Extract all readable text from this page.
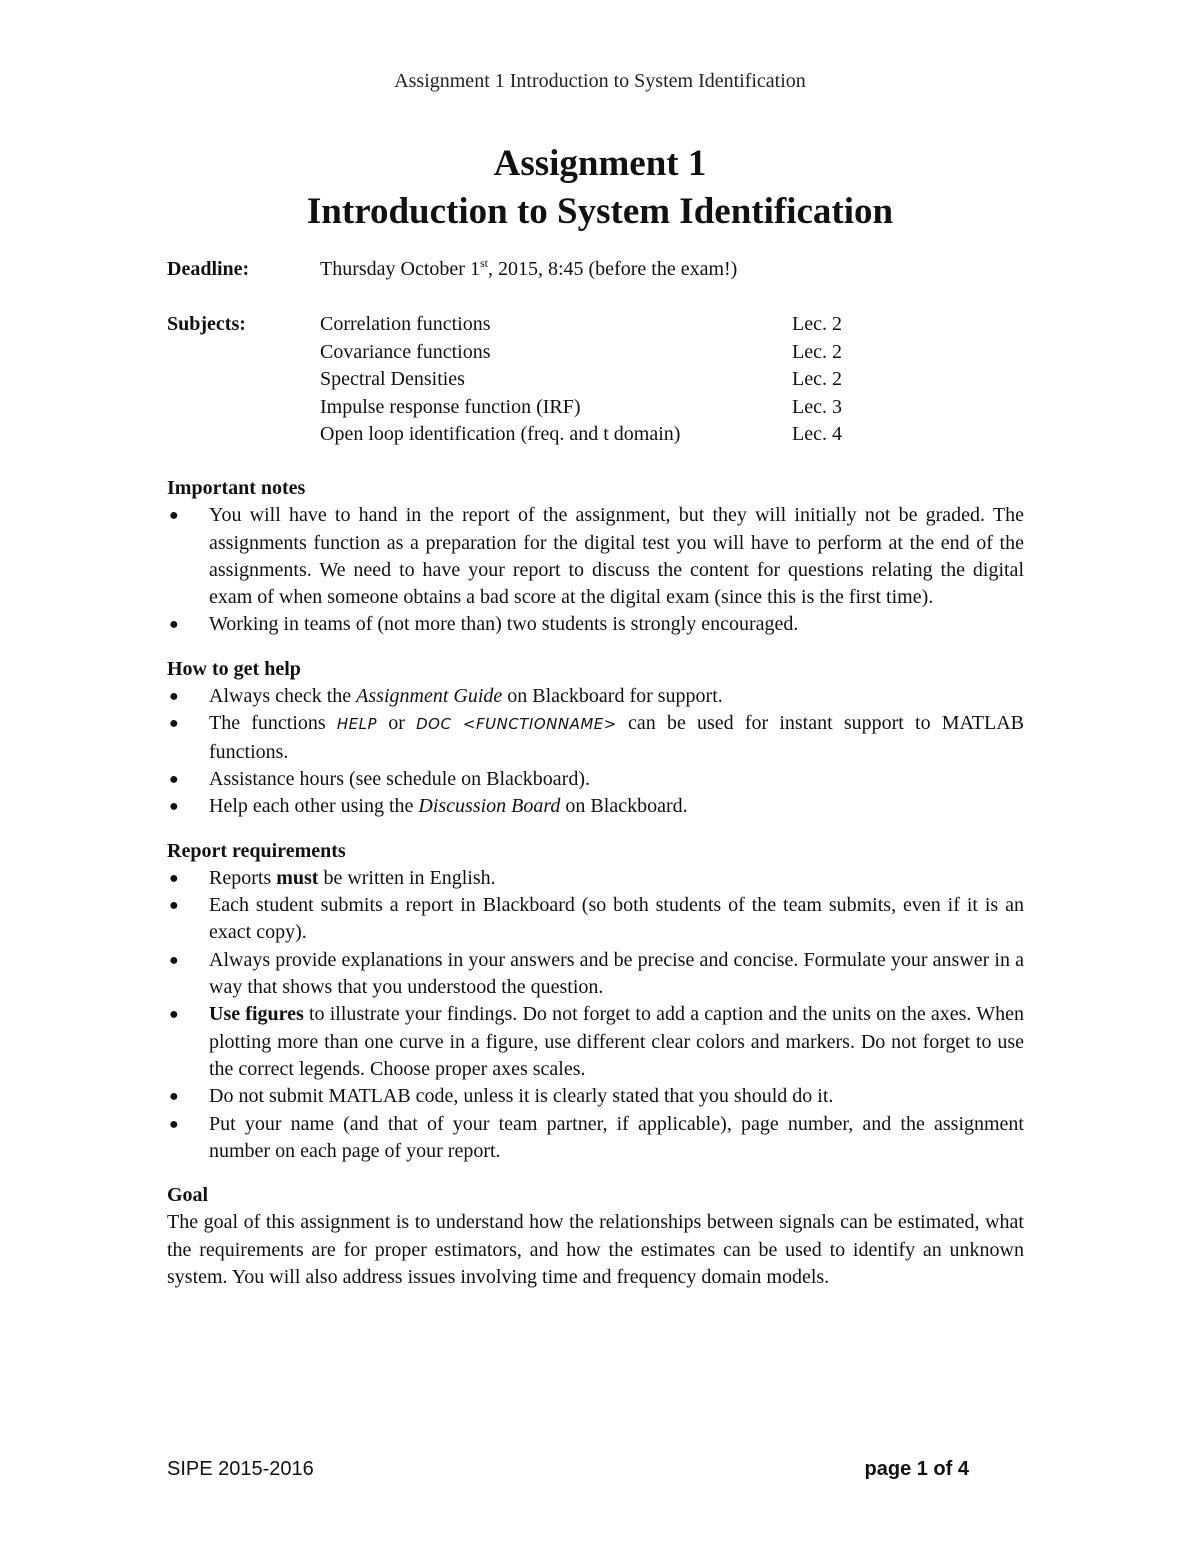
Assignment 1 Introduction to System Identification
Assignment 1
Introduction to System Identification
Deadline:	Thursday October 1st, 2015, 8:45 (before the exam!)
Subjects:	Correlation functions	Lec. 2
Covariance functions	Lec. 2
Spectral Densities	Lec. 2
Impulse response function (IRF)	Lec. 3
Open loop identification (freq. and t domain)	Lec. 4

Important notes

● You will have to hand in the report of the assignment, but they will initially not be graded. The assignments function as a preparation for the digital test you will have to perform at the end of the assignments. We need to have your report to discuss the content for questions relating the digital exam of when someone obtains a bad score at the digital exam (since this is the first time).
● Working in teams of (not more than) two students is strongly encouraged.

How to get help

● Always check the Assignment Guide on Blackboard for support.
● The functions HELP or DOC <FUNCTIONNAME> can be used for instant support to MATLAB functions.
● Assistance hours (see schedule on Blackboard).
● Help each other using the Discussion Board on Blackboard.

Report requirements

● Reports must be written in English.
● Each student submits a report in Blackboard (so both students of the team submits, even if it is an exact copy).
● Always provide explanations in your answers and be precise and concise. Formulate your answer in a way that shows that you understood the question.
● Use figures to illustrate your findings. Do not forget to add a caption and the units on the axes. When plotting more than one curve in a figure, use different clear colors and markers. Do not forget to use the correct legends. Choose proper axes scales.
● Do not submit MATLAB code, unless it is clearly stated that you should do it.
● Put your name (and that of your team partner, if applicable), page number, and the assignment number on each page of your report.

Goal

The goal of this assignment is to understand how the relationships between signals can be estimated, what the requirements are for proper estimators, and how the estimates can be used to identify an unknown system. You will also address issues involving time and frequency domain models.

SIPE 2015-2016	page 1 of 4
